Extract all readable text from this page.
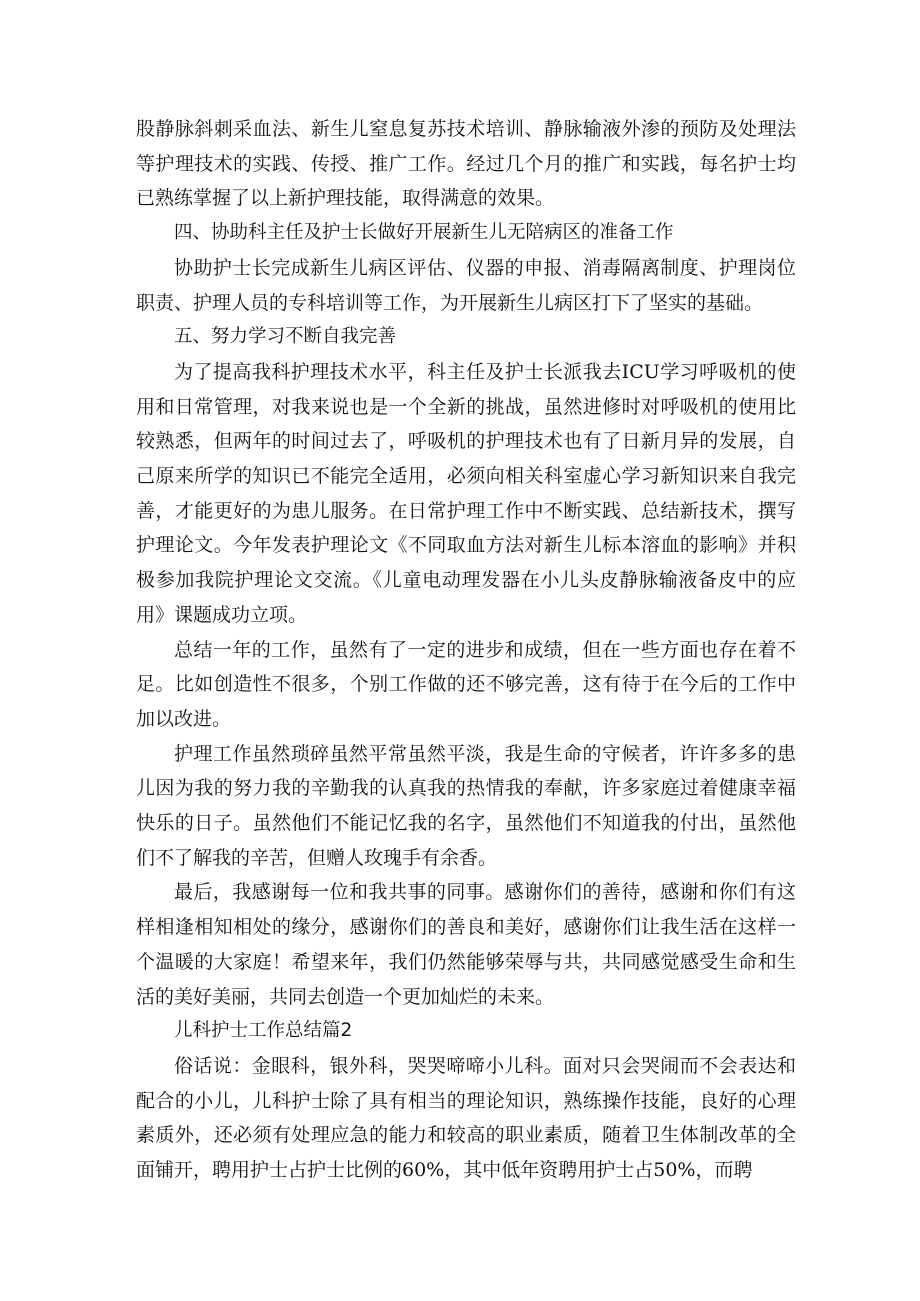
股静脉斜刺采血法、新生儿窒息复苏技术培训、静脉输液外渗的预防及处理法等护理技术的实践、传授、推广工作。经过几个月的推广和实践，每名护士均已熟练掌握了以上新护理技能，取得满意的效果。

四、协助科主任及护士长做好开展新生儿无陪病区的准备工作

协助护士长完成新生儿病区评估、仪器的申报、消毒隔离制度、护理岗位职责、护理人员的专科培训等工作，为开展新生儿病区打下了坚实的基础。

五、努力学习不断自我完善

为了提高我科护理技术水平，科主任及护士长派我去ICU学习呼吸机的使用和日常管理，对我来说也是一个全新的挑战，虽然进修时对呼吸机的使用比较熟悉，但两年的时间过去了，呼吸机的护理技术也有了日新月异的发展，自己原来所学的知识已不能完全适用，必须向相关科室虚心学习新知识来自我完善，才能更好的为患儿服务。在日常护理工作中不断实践、总结新技术，撰写护理论文。今年发表护理论文《不同取血方法对新生儿标本溶血的影响》并积极参加我院护理论文交流。《儿童电动理发器在小儿头皮静脉输液备皮中的应用》课题成功立项。

总结一年的工作，虽然有了一定的进步和成绩，但在一些方面也存在着不足。比如创造性不很多，个别工作做的还不够完善，这有待于在今后的工作中加以改进。

护理工作虽然琐碎虽然平常虽然平淡，我是生命的守候者，许许多多的患儿因为我的努力我的辛勤我的认真我的热情我的奉献，许多家庭过着健康幸福快乐的日子。虽然他们不能记忆我的名字，虽然他们不知道我的付出，虽然他们不了解我的辛苦，但赠人玫瑰手有余香。

最后，我感谢每一位和我共事的同事。感谢你们的善待，感谢和你们有这样相逢相知相处的缘分，感谢你们的善良和美好，感谢你们让我生活在这样一个温暖的大家庭！希望来年，我们仍然能够荣辱与共，共同感觉感受生命和生活的美好美丽，共同去创造一个更加灿烂的未来。

儿科护士工作总结篇2

俗话说：金眼科，银外科，哭哭啼啼小儿科。面对只会哭闹而不会表达和配合的小儿，儿科护士除了具有相当的理论知识，熟练操作技能，良好的心理素质外，还必须有处理应急的能力和较高的职业素质，随着卫生体制改革的全面铺开，聘用护士占护士比例的60%，其中低年资聘用护士占50%，而聘
